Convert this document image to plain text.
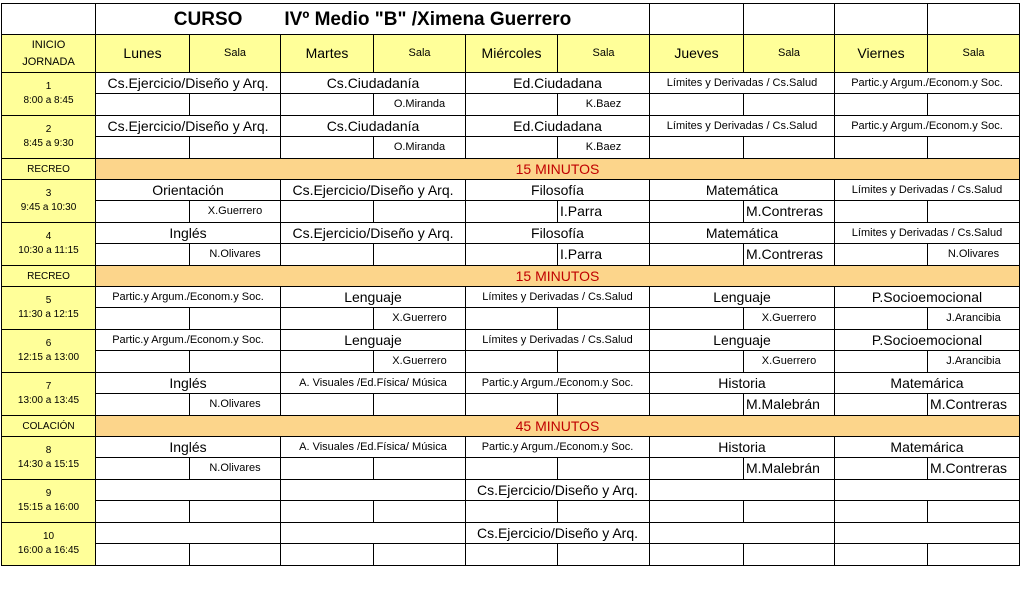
	CURSO IVº Medio "B" /Ximena Guerrero									
INICIO
JORNADA	Lunes	Sala	Martes	Sala	Miércoles	Sala	Jueves	Sala	Viernes	Sala
1
8:00 a 8:45	Cs.Ejercicio/Diseño y Arq.		Cs.Ciudadanía		Ed.Ciudadana		Límites y Derivadas / Cs.Salud		Partic.y Argum./Econom.y Soc.	
				O.Miranda		K.Baez				
2
8:45 a 9:30	Cs.Ejercicio/Diseño y Arq.		Cs.Ciudadanía		Ed.Ciudadana		Límites y Derivadas / Cs.Salud		Partic.y Argum./Econom.y Soc.	
				O.Miranda		K.Baez				
RECREO	15 MINUTOS									
3
9:45 a 10:30	Orientación		Cs.Ejercicio/Diseño y Arq.		Filosofía		Matemática		Límites y Derivadas / Cs.Salud	
		X.Guerrero				I.Parra		M.Contreras		
4
10:30 a 11:15	Inglés		Cs.Ejercicio/Diseño y Arq.		Filosofía		Matemática		Límites y Derivadas / Cs.Salud	
		N.Olivares				I.Parra		M.Contreras		N.Olivares
RECREO	15 MINUTOS									
5
11:30 a 12:15	Partic.y Argum./Econom.y Soc.		Lenguaje		Límites y Derivadas / Cs.Salud		Lenguaje		P.Socioemocional	
				X.Guerrero				X.Guerrero		J.Arancibia
6
12:15 a 13:00	Partic.y Argum./Econom.y Soc.		Lenguaje		Límites y Derivadas / Cs.Salud		Lenguaje		P.Socioemocional	
				X.Guerrero				X.Guerrero		J.Arancibia
7
13:00 a 13:45	Inglés		A. Visuales /Ed.Física/ Música		Partic.y Argum./Econom.y Soc.		Historia		Matemárica	
		N.Olivares						M.Malebrán		M.Contreras
COLACIÓN	45 MINUTOS									
8
14:30 a 15:15	Inglés		A. Visuales /Ed.Física/ Música		Partic.y Argum./Econom.y Soc.		Historia		Matemárica	
		N.Olivares						M.Malebrán		M.Contreras
9
15:15 a 16:00					Cs.Ejercicio/Diseño y Arq.					

10
16:00 a 16:45					Cs.Ejercicio/Diseño y Arq.					
